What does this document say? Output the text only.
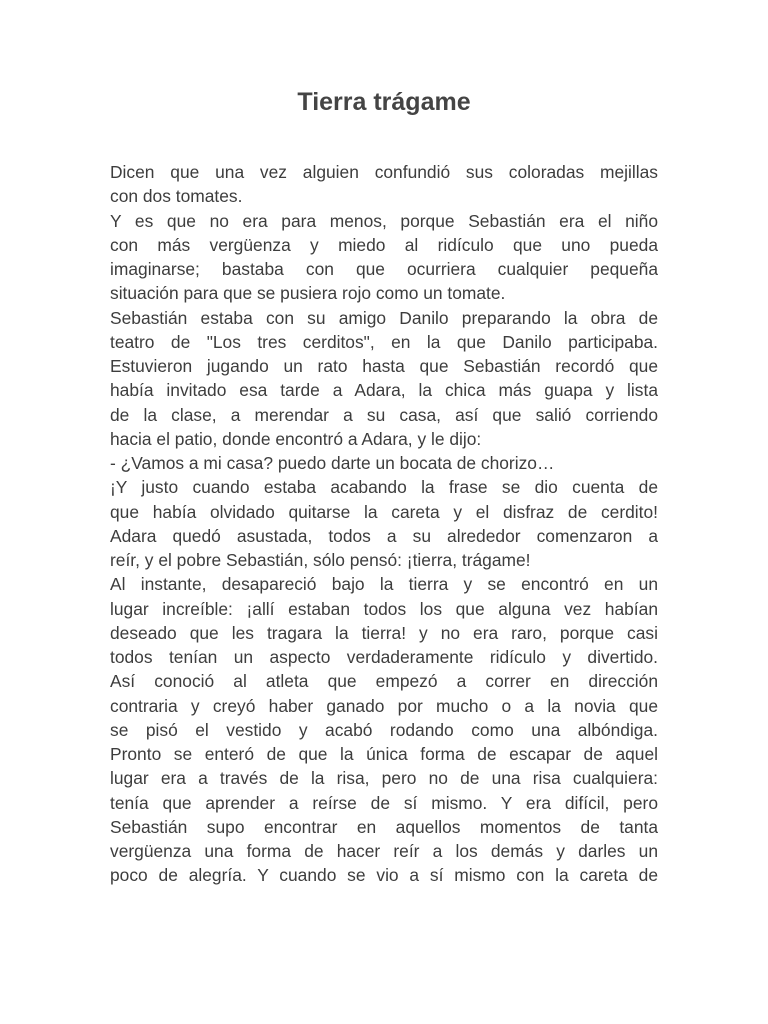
Tierra trágame
Dicen que una vez alguien confundió sus coloradas mejillas
con dos tomates.
Y es que no era para menos, porque Sebastián era el niño
con más vergüenza y miedo al ridículo que uno pueda
imaginarse; bastaba con que ocurriera cualquier pequeña
situación para que se pusiera rojo como un tomate.
Sebastián estaba con su amigo Danilo preparando la obra de
teatro de "Los tres cerditos", en la que Danilo participaba.
Estuvieron jugando un rato hasta que Sebastián recordó que
había invitado esa tarde a Adara, la chica más guapa y lista
de la clase, a merendar a su casa, así que salió corriendo
hacia el patio, donde encontró a Adara, y le dijo:
- ¿Vamos a mi casa? puedo darte un bocata de chorizo…
¡Y justo cuando estaba acabando la frase se dio cuenta de
que había olvidado quitarse la careta y el disfraz de cerdito!
Adara quedó asustada, todos a su alrededor comenzaron a
reír, y el pobre Sebastián, sólo pensó: ¡tierra, trágame!
Al instante, desapareció bajo la tierra y se encontró en un
lugar increíble: ¡allí estaban todos los que alguna vez habían
deseado que les tragara la tierra! y no era raro, porque casi
todos tenían un aspecto verdaderamente ridículo y divertido.
Así conoció al atleta que empezó a correr en dirección
contraria y creyó haber ganado por mucho o a la novia que
se pisó el vestido y acabó rodando como una albóndiga.
Pronto se enteró de que la única forma de escapar de aquel
lugar era a través de la risa, pero no de una risa cualquiera:
tenía que aprender a reírse de sí mismo. Y era difícil, pero
Sebastián supo encontrar en aquellos momentos de tanta
vergüenza una forma de hacer reír a los demás y darles un
poco de alegría. Y cuando se vio a sí mismo con la careta de
